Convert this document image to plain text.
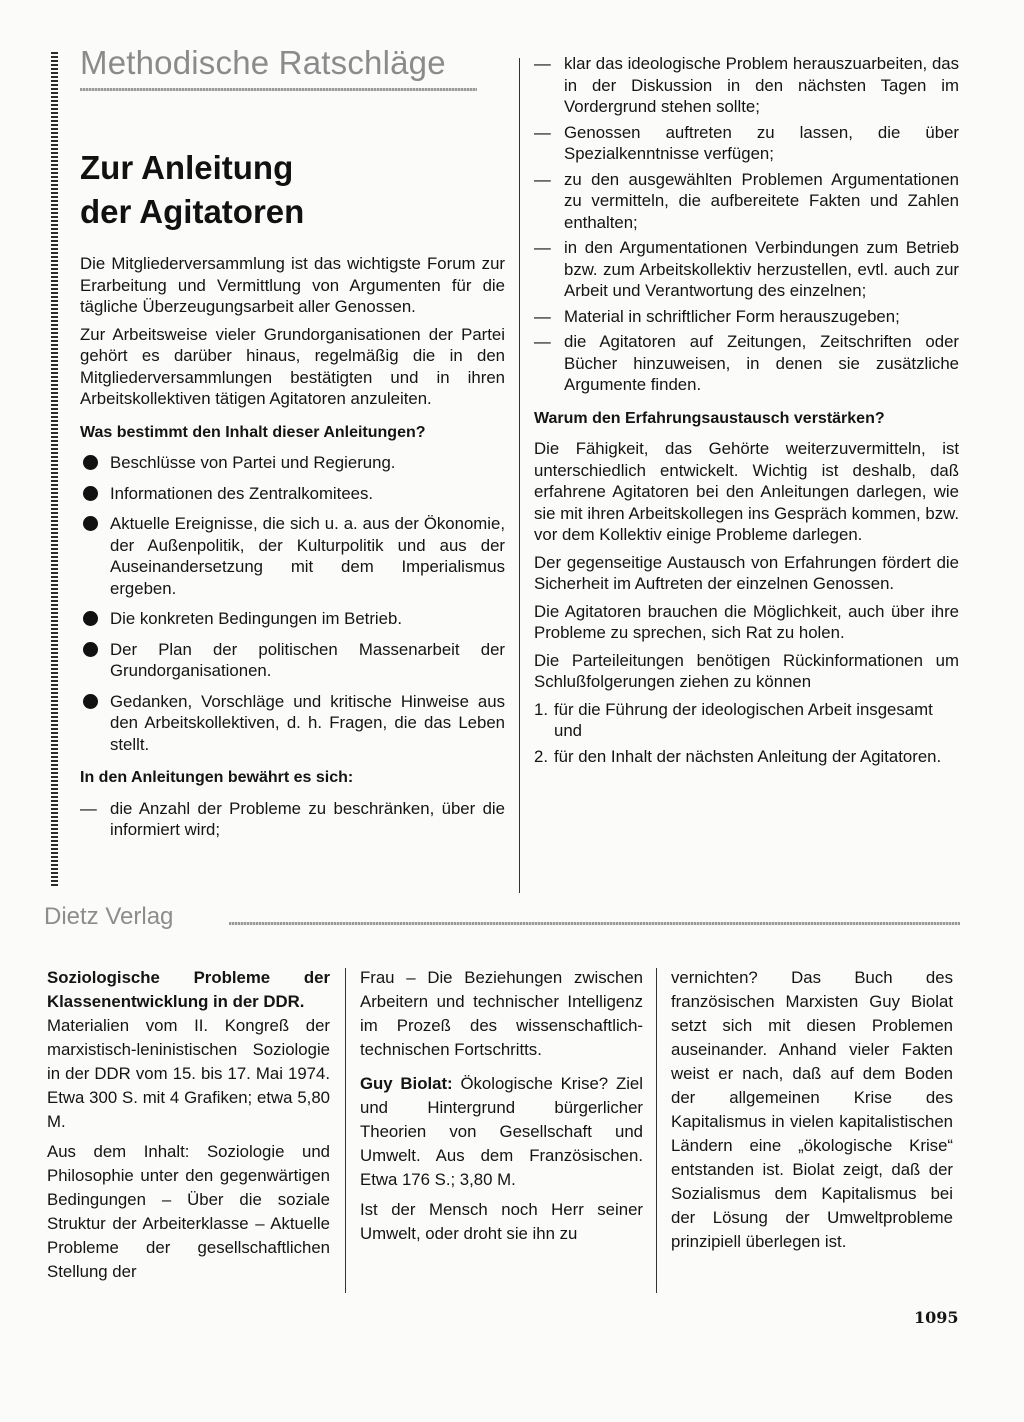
Methodische Ratschläge
Zur Anleitung
der Agitatoren

Die Mitgliederversammlung ist das wichtigste Forum zur Erarbeitung und Vermittlung von Argumenten für die tägliche Überzeugungsarbeit aller Genossen.

Zur Arbeitsweise vieler Grundorganisationen der Partei gehört es darüber hinaus, regelmäßig die in den Mitgliederversammlungen bestätigten und in ihren Arbeitskollektiven tätigen Agitatoren anzuleiten.

Was bestimmt den Inhalt dieser Anleitungen?

Beschlüsse von Partei und Regierung.
Informationen des Zentralkomitees.
Aktuelle Ereignisse, die sich u. a. aus der Ökonomie, der Außenpolitik, der Kulturpolitik und aus der Auseinandersetzung mit dem Imperialismus ergeben.
Die konkreten Bedingungen im Betrieb.
Der Plan der politischen Massenarbeit der Grundorganisationen.
Gedanken, Vorschläge und kritische Hinweise aus den Arbeitskollektiven, d. h. Fragen, die das Leben stellt.

In den Anleitungen bewährt es sich:

— die Anzahl der Probleme zu beschränken, über die informiert wird;
— klar das ideologische Problem herauszuarbeiten, das in der Diskussion in den nächsten Tagen im Vordergrund stehen sollte;
— Genossen auftreten zu lassen, die über Spezialkenntnisse verfügen;
— zu den ausgewählten Problemen Argumentationen zu vermitteln, die aufbereitete Fakten und Zahlen enthalten;
— in den Argumentationen Verbindungen zum Betrieb bzw. zum Arbeitskollektiv herzustellen, evtl. auch zur Arbeit und Verantwortung des einzelnen;
— Material in schriftlicher Form herauszugeben;
— die Agitatoren auf Zeitungen, Zeitschriften oder Bücher hinzuweisen, in denen sie zusätzliche Argumente finden.

Warum den Erfahrungsaustausch verstärken?

Die Fähigkeit, das Gehörte weiterzuvermitteln, ist unterschiedlich entwickelt. Wichtig ist deshalb, daß erfahrene Agitatoren bei den Anleitungen darlegen, wie sie mit ihren Arbeitskollegen ins Gespräch kommen, bzw. vor dem Kollektiv einige Probleme darlegen.

Der gegenseitige Austausch von Erfahrungen fördert die Sicherheit im Auftreten der einzelnen Genossen.

Die Agitatoren brauchen die Möglichkeit, auch über ihre Probleme zu sprechen, sich Rat zu holen.

Die Parteileitungen benötigen Rückinformationen um Schlußfolgerungen ziehen zu können

1. für die Führung der ideologischen Arbeit insgesamt und
2. für den Inhalt der nächsten Anleitung der Agitatoren.
Dietz Verlag

Soziologische Probleme der Klassenentwicklung in der DDR.

Materialien vom II. Kongreß der marxistisch-leninistischen Soziologie in der DDR vom 15. bis 17. Mai 1974. Etwa 300 S. mit 4 Grafiken; etwa 5,80 M.

Aus dem Inhalt: Soziologie und Philosophie unter den gegenwärtigen Bedingungen – Über die soziale Struktur der Arbeiterklasse – Aktuelle Probleme der gesellschaftlichen Stellung der

Frau – Die Beziehungen zwischen Arbeitern und technischer Intelligenz im Prozeß des wissenschaftlich-technischen Fortschritts.

Guy Biolat: Ökologische Krise? Ziel und Hintergrund bürgerlicher Theorien von Gesellschaft und Umwelt. Aus dem Französischen. Etwa 176 S.; 3,80 M.

Ist der Mensch noch Herr seiner Umwelt, oder droht sie ihn zu

vernichten? Das Buch des französischen Marxisten Guy Biolat setzt sich mit diesen Problemen auseinander. Anhand vieler Fakten weist er nach, daß auf dem Boden der allgemeinen Krise des Kapitalismus in vielen kapitalistischen Ländern eine „ökologische Krise“ entstanden ist. Biolat zeigt, daß der Sozialismus dem Kapitalismus bei der Lösung der Umweltprobleme prinzipiell überlegen ist.

1095
